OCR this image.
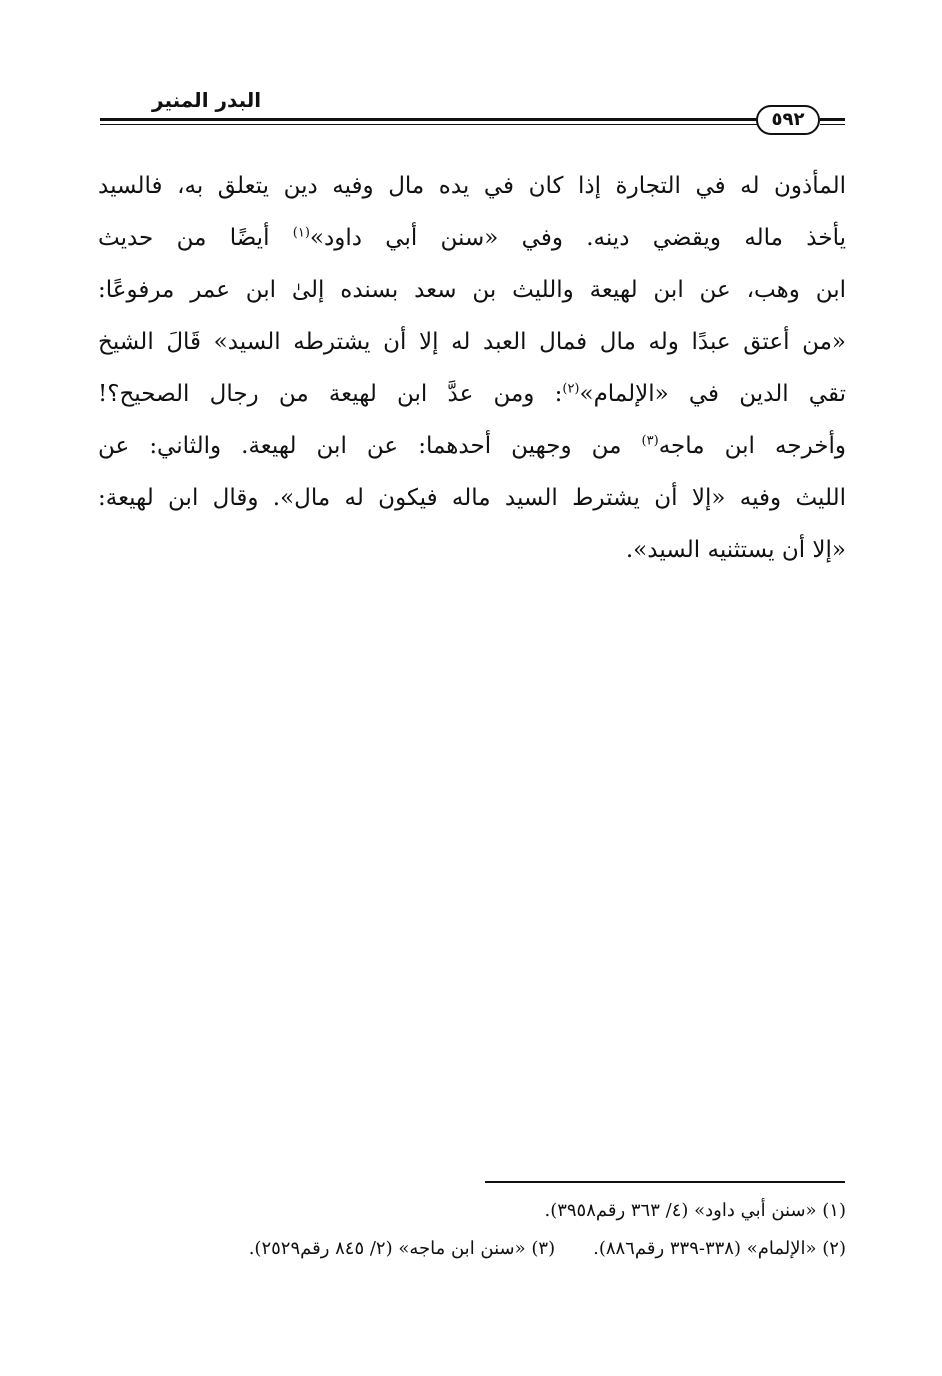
البدر المنير
٥٩٢
المأذون له في التجارة إذا كان في يده مال وفيه دين يتعلق به، فالسيد
يأخذ ماله ويقضي دينه. وفي «سنن أبي داود»$^{(١)}$ أيضًا من حديث
ابن وهب، عن ابن لهيعة والليث بن سعد بسنده إلىٰ ابن عمر مرفوعًا:
«من أعتق عبدًا وله مال فمال العبد له إلا أن يشترطه السيد» قَالَ الشيخ
تقي الدين في «الإلمام»$^{(٢)}$: ومن عدَّ ابن لهيعة من رجال الصحيح؟!
وأخرجه ابن ماجه$^{(٣)}$ من وجهين أحدهما: عن ابن لهيعة. والثاني: عن
الليث وفيه «إلا أن يشترط السيد ماله فيكون له مال». وقال ابن لهيعة:
«إلا أن يستثنيه السيد».
(١) «سنن أبي داود» (٤/ ٣٦٣ رقم٣٩٥٨).
(٢) «الإلمام» (٣٣٨-٣٣٩ رقم٨٨٦).(٣) «سنن ابن ماجه» (٢/ ٨٤٥ رقم٢٥٢٩).
